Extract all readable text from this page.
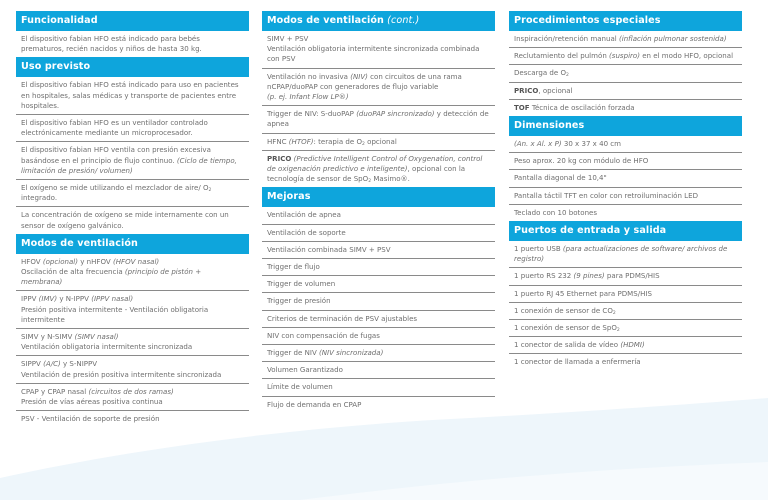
Funcionalidad
El dispositivo fabian HFO está indicado para bebés prematuros, recién nacidos y niños de hasta 30 kg.
Uso previsto
El dispositivo fabian HFO está indicado para uso en pacientes en hospitales, salas médicas y transporte de pacientes entre hospitales.
El dispositivo fabian HFO es un ventilador controlado electrónicamente mediante un microprocesador.
El dispositivo fabian HFO ventila con presión excesiva basándose en el principio de flujo continuo. (Ciclo de tiempo, limitación de presión/ volumen)
El oxígeno se mide utilizando el mezclador de aire/ $O_2$ integrado.
La concentración de oxígeno se mide internamente con un sensor de oxígeno galvánico.
Modos de ventilación
HFOV (opcional) y nHFOV (HFOV nasal)
Oscilación de alta frecuencia (principio de pistón + membrana)
IPPV (IMV) y N-IPPV (IPPV nasal)
Presión positiva intermitente - Ventilación obligatoria intermitente
SIMV y N-SIMV (SIMV nasal)
Ventilación obligatoria intermitente sincronizada
SIPPV (A/C) y S-NIPPV
Ventilación de presión positiva intermitente sincronizada
CPAP y CPAP nasal (circuitos de dos ramas)
Presión de vías aéreas positiva continua
PSV - Ventilación de soporte de presión
Modos de ventilación (cont.)
SIMV + PSV
Ventilación obligatoria intermitente sincronizada combinada con PSV
Ventilación no invasiva (NIV) con circuitos de una rama
nCPAP/duoPAP con generadores de flujo variable
(p. ej. Infant Flow LP®)
Trigger de NIV: S-duoPAP (duoPAP sincronizado) y detección de apnea
HFNC (HTOF): terapia de $O_2$ opcional
PRICO (Predictive Intelligent Control of Oxygenation, control de oxigenación predictivo e inteligente), opcional con la tecnología de sensor de SpO$_2$ Masimo®.
Mejoras
Ventilación de apnea
Ventilación de soporte
Ventilación combinada SIMV + PSV
Trigger de flujo
Trigger de volumen
Trigger de presión
Criterios de terminación de PSV ajustables
NIV con compensación de fugas
Trigger de NIV (NIV sincronizada)
Volumen Garantizado
Límite de volumen
Flujo de demanda en CPAP
Procedimientos especiales
Inspiración/retención manual (inflación pulmonar sostenida)
Reclutamiento del pulmón (suspiro) en el modo HFO, opcional
Descarga de $O_2$
PRICO, opcional
TOF Técnica de oscilación forzada
Dimensiones
(An. x Al. x P) 30 x 37 x 40 cm
Peso aprox. 20 kg con módulo de HFO
Pantalla diagonal de 10,4"
Pantalla táctil TFT en color con retroiluminación LED
Teclado con 10 botones
Puertos de entrada y salida
1 puerto USB (para actualizaciones de software/ archivos de registro)
1 puerto RS 232 (9 pines) para PDMS/HIS
1 puerto RJ 45 Ethernet para PDMS/HIS
1 conexión de sensor de $CO_2$
1 conexión de sensor de SpO$_2$
1 conector de salida de vídeo (HDMI)
1 conector de llamada a enfermería
